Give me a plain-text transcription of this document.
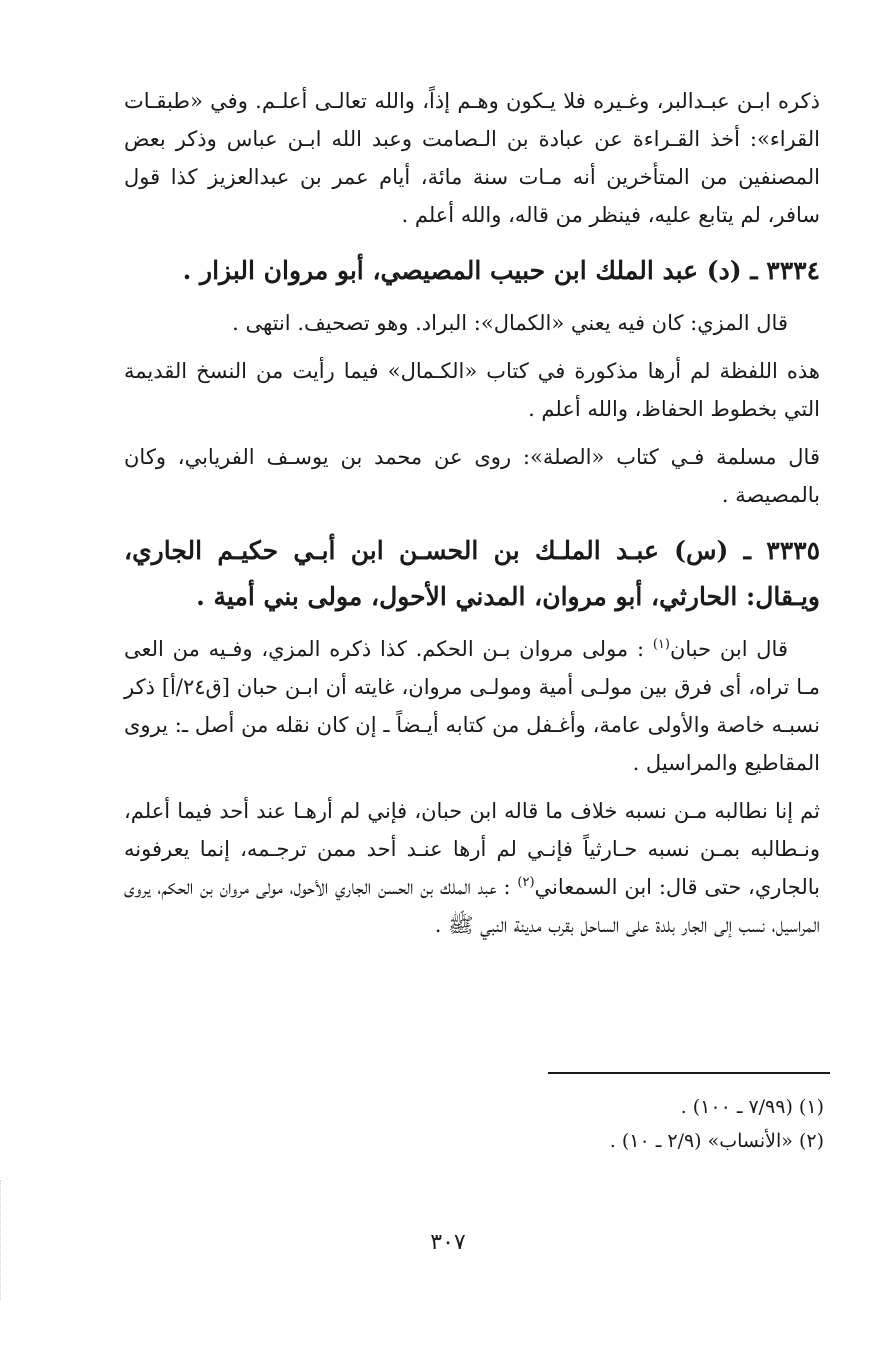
ذكره ابـن عبـدالبر، وغـيره فلا يـكون وهـم إذاً، والله تعالـى أعلـم. وفي «طبقـات القراء»: أخذ القـراءة عن عبادة بن الـصامت وعبد الله ابـن عباس وذكر بعض المصنفين من المتأخرين أنه مـات سنة مائة، أيام عمر بن عبدالعزيز كذا قول سافر، لم يتابع عليه، فينظر من قاله، والله أعلم .

٣٣٣٤ ـ (د) عبد الملك ابن حبيب المصيصي، أبو مروان البزار .

قال المزي: كان فيه يعني «الكمال»: البراد. وهو تصحيف. انتهى .

هذه اللفظة لم أرها مذكورة في كتاب «الكـمال» فيما رأيت من النسخ القديمة التي بخطوط الحفاظ، والله أعلم .

قال مسلمة فـي كتاب «الصلة»: روى عن محمد بن يوسـف الفريابي، وكان بالمصيصة .

٣٣٣٥ ـ (س) عبـد الملـك بن الحسـن ابن أبـي حكيـم الجاري، ويـقال: الحارثي، أبو مروان، المدني الأحول، مولى بني أمية .

قال ابن حبان$^{(١)}$ : مولى مروان بـن الحكم. كذا ذكره المزي، وفـيه من العى مـا تراه، أى فرق بين مولـى أمية ومولـى مروان، غايته أن ابـن حبان [ق٢٤/أ] ذكر نسبـه خاصة والأولى عامة، وأغـفل من كتابه أيـضاً ـ إن كان نقله من أصل ـ: يروى المقاطيع والمراسيل .

ثم إنا نطالبه مـن نسبه خلاف ما قاله ابن حبان، فإني لم أرهـا عند أحد فيما أعلم، ونـطالبه بمـن نسبه حـارثياً فإنـي لم أرها عنـد أحد ممن ترجـمه، إنما يعرفونه بالجاري، حتى قال: ابن السمعاني$^{(٢)}$ : عبد الملك بن الحسن الجاري الأحول، مولى مروان بن الحكم، يروى المراسيل، نسب إلى الجار بلدة على الساحل بقرب مدينة النبي ﷺ .

(١) (٧/٩٩ ـ ١٠٠) .

(٢) «الأنساب» (٢/٩ ـ ١٠) .

٣٠٧
